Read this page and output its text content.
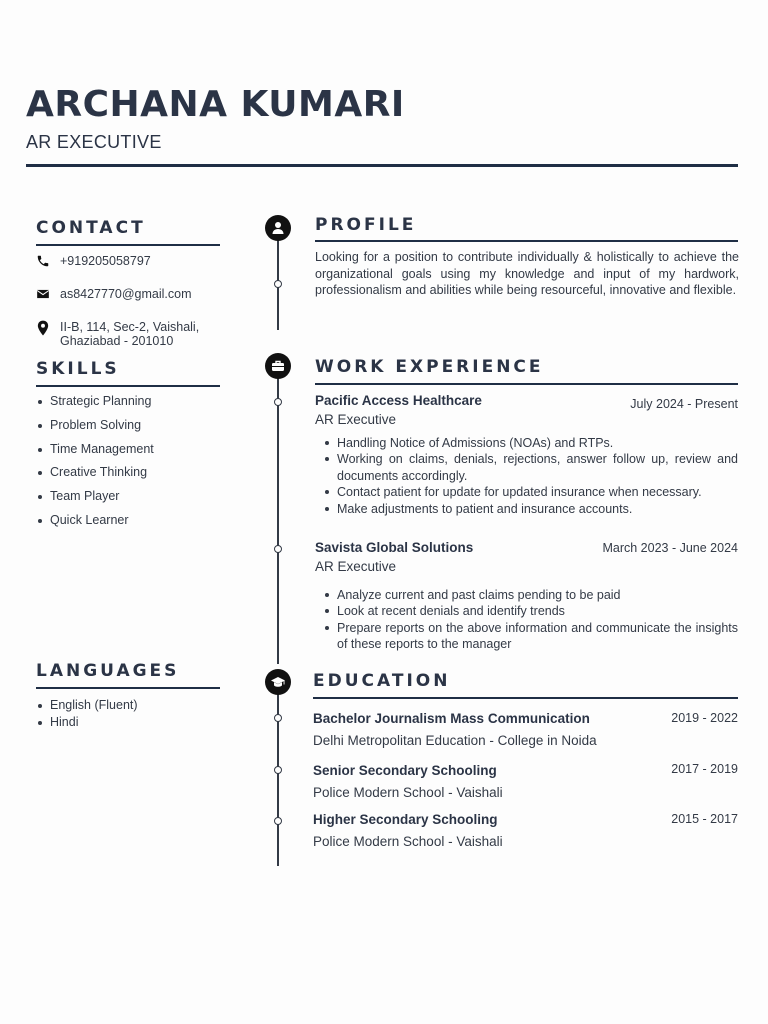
ARCHANA KUMARI
AR EXECUTIVE
CONTACT
+919205058797
as8427770@gmail.com
II-B, 114, Sec-2, Vaishali,
Ghaziabad - 201010
SKILLS
Strategic Planning
Problem Solving
Time Management
Creative Thinking
Team Player
Quick Learner
LANGUAGES
English (Fluent)
Hindi
PROFILE
Looking for a position to contribute individually & holistically to achieve the organizational goals using my knowledge and input of my hardwork, professionalism and abilities while being resourceful, innovative and flexible.
WORK EXPERIENCE
Pacific Access Healthcare	July 2024 - Present
AR Executive
Handling Notice of Admissions (NOAs) and RTPs.
Working on claims, denials, rejections, answer follow up, review and documents accordingly.
Contact patient for update for updated insurance when necessary.
Make adjustments to patient and insurance accounts.
Savista Global Solutions	March 2023 - June 2024
AR Executive
Analyze current and past claims pending to be paid
Look at recent denials and identify trends
Prepare reports on the above information and communicate the insights of these reports to the manager
EDUCATION
Bachelor Journalism Mass Communication	2019 - 2022
Delhi Metropolitan Education - College in Noida
Senior Secondary Schooling	2017 - 2019
Police Modern School - Vaishali
Higher Secondary Schooling	2015 - 2017
Police Modern School - Vaishali
